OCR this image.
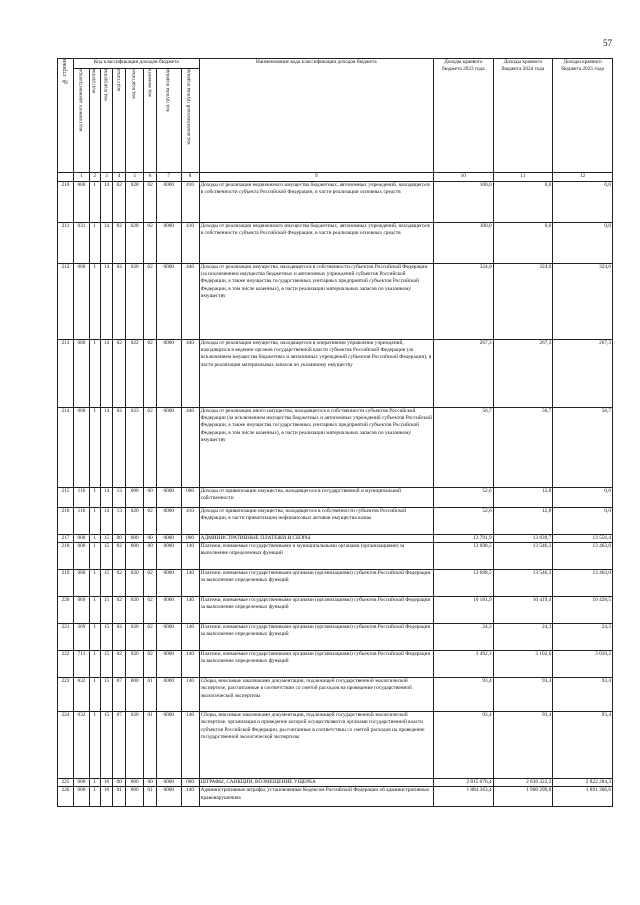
57
№ строки	Код классификации доходов бюджета								Наименование кода классификации доходов бюджета	Доходы краевого бюджета 2023 года	Доходы краевого бюджета 2024 года	Доходы краевого бюджета 2025 года
	код главного администратора	код группы	код подгруппы	код статьи	код подстатьи	код элемента	код группы подвида	код аналитической группы подвида				
	1	2	3	4	5	6	7	8	9	10	11	12
210	000	1	14	02	028	02	0000	410	Доходы от реализации недвижимого имущества бюджетных, автономных учреждений, находящегося в собственности субъекта Российской Федерации, в части реализации основных средств	100,0	0,0	0,0
211	031	1	14	02	028	02	0000	410	Доходы от реализации недвижимого имущества бюджетных, автономных учреждений, находящегося в собственности субъекта Российской Федерации, в части реализации основных средств	100,0	0,0	0,0
212	000	1	14	02	020	02	0000	440	Доходы от реализации имущества, находящегося в собственности субъектов Российской Федерации (за исключением имущества бюджетных и автономных учреждений субъектов Российской Федерации, а также имущества государственных унитарных предприятий субъектов Российской Федерации, в том числе казенных), в части реализации материальных запасов по указанному имуществу	324,0	324,0	324,0
213	000	1	14	02	022	02	0000	440	Доходы от реализации имущества, находящегося в оперативном управлении учреждений, находящихся в ведении органов государственной власти субъектов Российской Федерации (за исключением имущества бюджетных и автономных учреждений субъектов Российской Федерации), в части реализации материальных запасов по указанному имуществу	267,3	267,3	267,3
214	000	1	14	02	023	02	0000	440	Доходы от реализации иного имущества, находящегося в собственности субъектов Российской Федерации (за исключением имущества бюджетных и автономных учреждений субъектов Российской Федерации, а также имущества государственных унитарных предприятий субъектов Российской Федерации, в том числе казенных), в части реализации материальных запасов по указанному имуществу	56,7	56,7	56,7
215	116	1	14	13	000	00	0000	000	Доходы от приватизации имущества, находящегося в государственной и муниципальной собственности	52,6	12,8	0,0
216	116	1	14	13	020	02	0000	410	Доходы от приватизации имущества, находящегося в собственности субъектов Российской Федерации, в части приватизации нефинансовых активов имущества казны	52,6	12,8	0,0
217	000	1	15	00	000	00	0000	000	АДМИНИСТРАТИВНЫЕ ПЛАТЕЖИ И СБОРЫ	13 791,9	13 639,7	13 556,4
218	000	1	15	02	000	00	0000	140	Платежи, взимаемые государственными и муниципальными органами (организациями) за выполнение определенных функций	13 698,5	13 546,3	13 463,0
219	000	1	15	02	020	02	0000	140	Платежи, взимаемые государственными органами (организациями) субъектов Российской Федерации за выполнение определенных функций	13 698,5	13 546,3	13 463,0
220	069	1	15	02	020	02	0000	140	Платежи, взимаемые государственными органами (организациями) субъектов Российской Федерации за выполнение определенных функций	10 181,9	10 419,4	10 428,5
221	369	1	15	02	020	02	0000	140	Платежи, взимаемые государственными органами (организациями) субъектов Российской Федерации за выполнение определенных функций	24,3	24,3	24,3
222	711	1	15	02	020	02	0000	140	Платежи, взимаемые государственными органами (организациями) субъектов Российской Федерации за выполнение определенных функций	3 492,3	3 102,6	3 010,2
223	032	1	15	07	000	01	0000	140	Сборы, вносимые заказчиками документации, подлежащей государственной экологической экспертизе, рассчитанные в соответствии со сметой расходов на проведение государственной экологической экспертизы	93,4	93,4	93,4
224	032	1	15	07	020	01	0000	140	Сборы, вносимые заказчиками документации, подлежащей государственной экологической экспертизе, организация и проведение которой осуществляются органами государственной власти субъектов Российской Федерации, рассчитанные в соответствии со сметой расходов на проведение государственной экологической экспертизы	93,4	93,4	93,4
225	000	1	16	00	000	00	0000	000	ШТРАФЫ, САНКЦИИ, ВОЗМЕЩЕНИЕ УЩЕРБА	2 815 076,4	2 836 322,3	2 822 284,3
226	000	1	16	01	000	01	0000	140	Административные штрафы, установленные Кодексом Российской Федерации об административных правонарушениях	1 884 363,4	1 900 299,8	1 891 306,6
